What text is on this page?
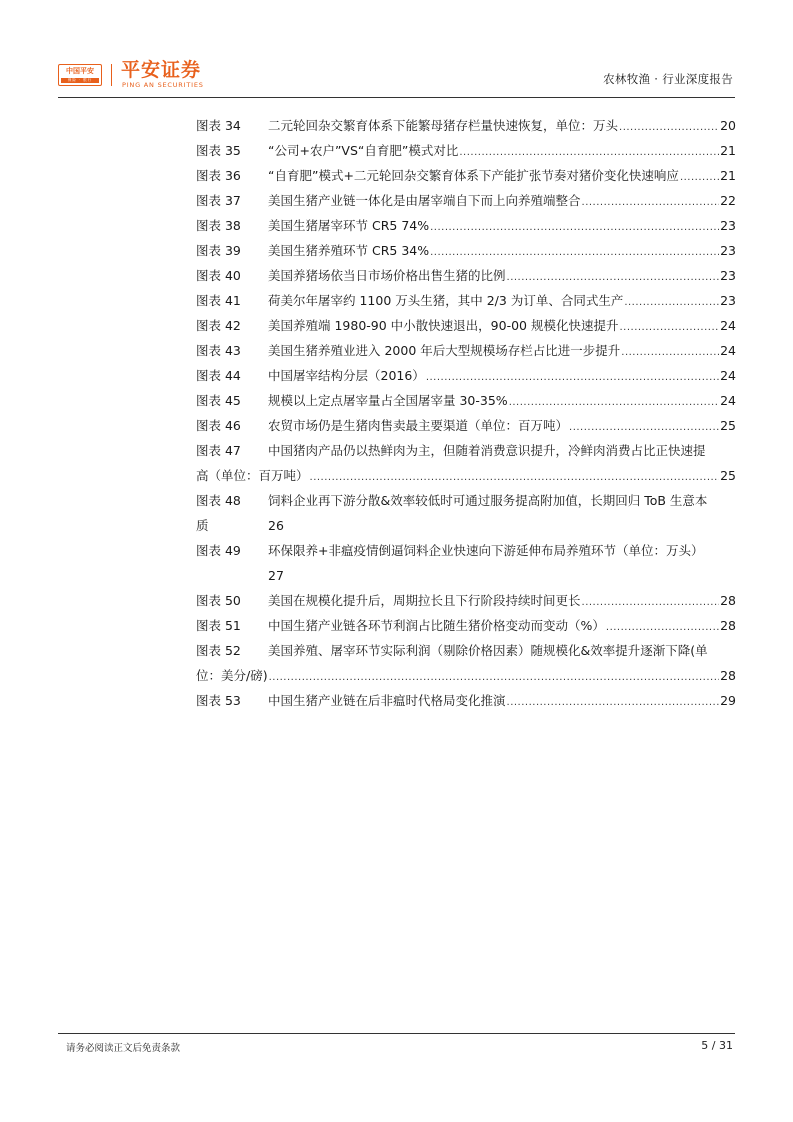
中国平安
保险 · 银行	平安证券
PING AN SECURITIES	农林牧渔 · 行业深度报告
图表 34	二元轮回杂交繁育体系下能繁母猪存栏量快速恢复，单位：万头 .....	20
图表 35	“公司+农户”VS“自育肥”模式对比 .....	21
图表 36	“自育肥”模式+二元轮回杂交繁育体系下产能扩张节奏对猪价变化快速响应 .....	21
图表 37	美国生猪产业链一体化是由屠宰端自下而上向养殖端整合 .....	22
图表 38	美国生猪屠宰环节 CR5 74% .....	23
图表 39	美国生猪养殖环节 CR5 34% .....	23
图表 40	美国养猪场依当日市场价格出售生猪的比例 .....	23
图表 41	荷美尔年屠宰约 1100 万头生猪，其中 2/3 为订单、合同式生产 .....	23
图表 42	美国养殖端 1980-90 中小散快速退出，90-00 规模化快速提升 .....	24
图表 43	美国生猪养殖业进入 2000 年后大型规模场存栏占比进一步提升 .....	24
图表 44	中国屠宰结构分层（2016） .....	24
图表 45	规模以上定点屠宰量占全国屠宰量 30-35% .....	24
图表 46	农贸市场仍是生猪肉售卖最主要渠道（单位：百万吨） .....	25
图表 47	中国猪肉产品仍以热鲜肉为主，但随着消费意识提升，冷鲜肉消费占比正快速提
高（单位：百万吨） .....	25
图表 48	饲料企业再下游分散&效率较低时可通过服务提高附加值，长期回归 ToB 生意本
质	26
图表 49	环保限养+非瘟疫情倒逼饲料企业快速向下游延伸布局养殖环节（单位：万头）
27
图表 50	美国在规模化提升后，周期拉长且下行阶段持续时间更长 .....	28
图表 51	中国生猪产业链各环节利润占比随生猪价格变动而变动（%） .....	28
图表 52	美国养殖、屠宰环节实际利润（剔除价格因素）随规模化&效率提升逐渐下降(单
位：美分/磅) .....	28
图表 53	中国生猪产业链在后非瘟时代格局变化推演 .....	29
请务必阅读正文后免责条款	5 / 31
